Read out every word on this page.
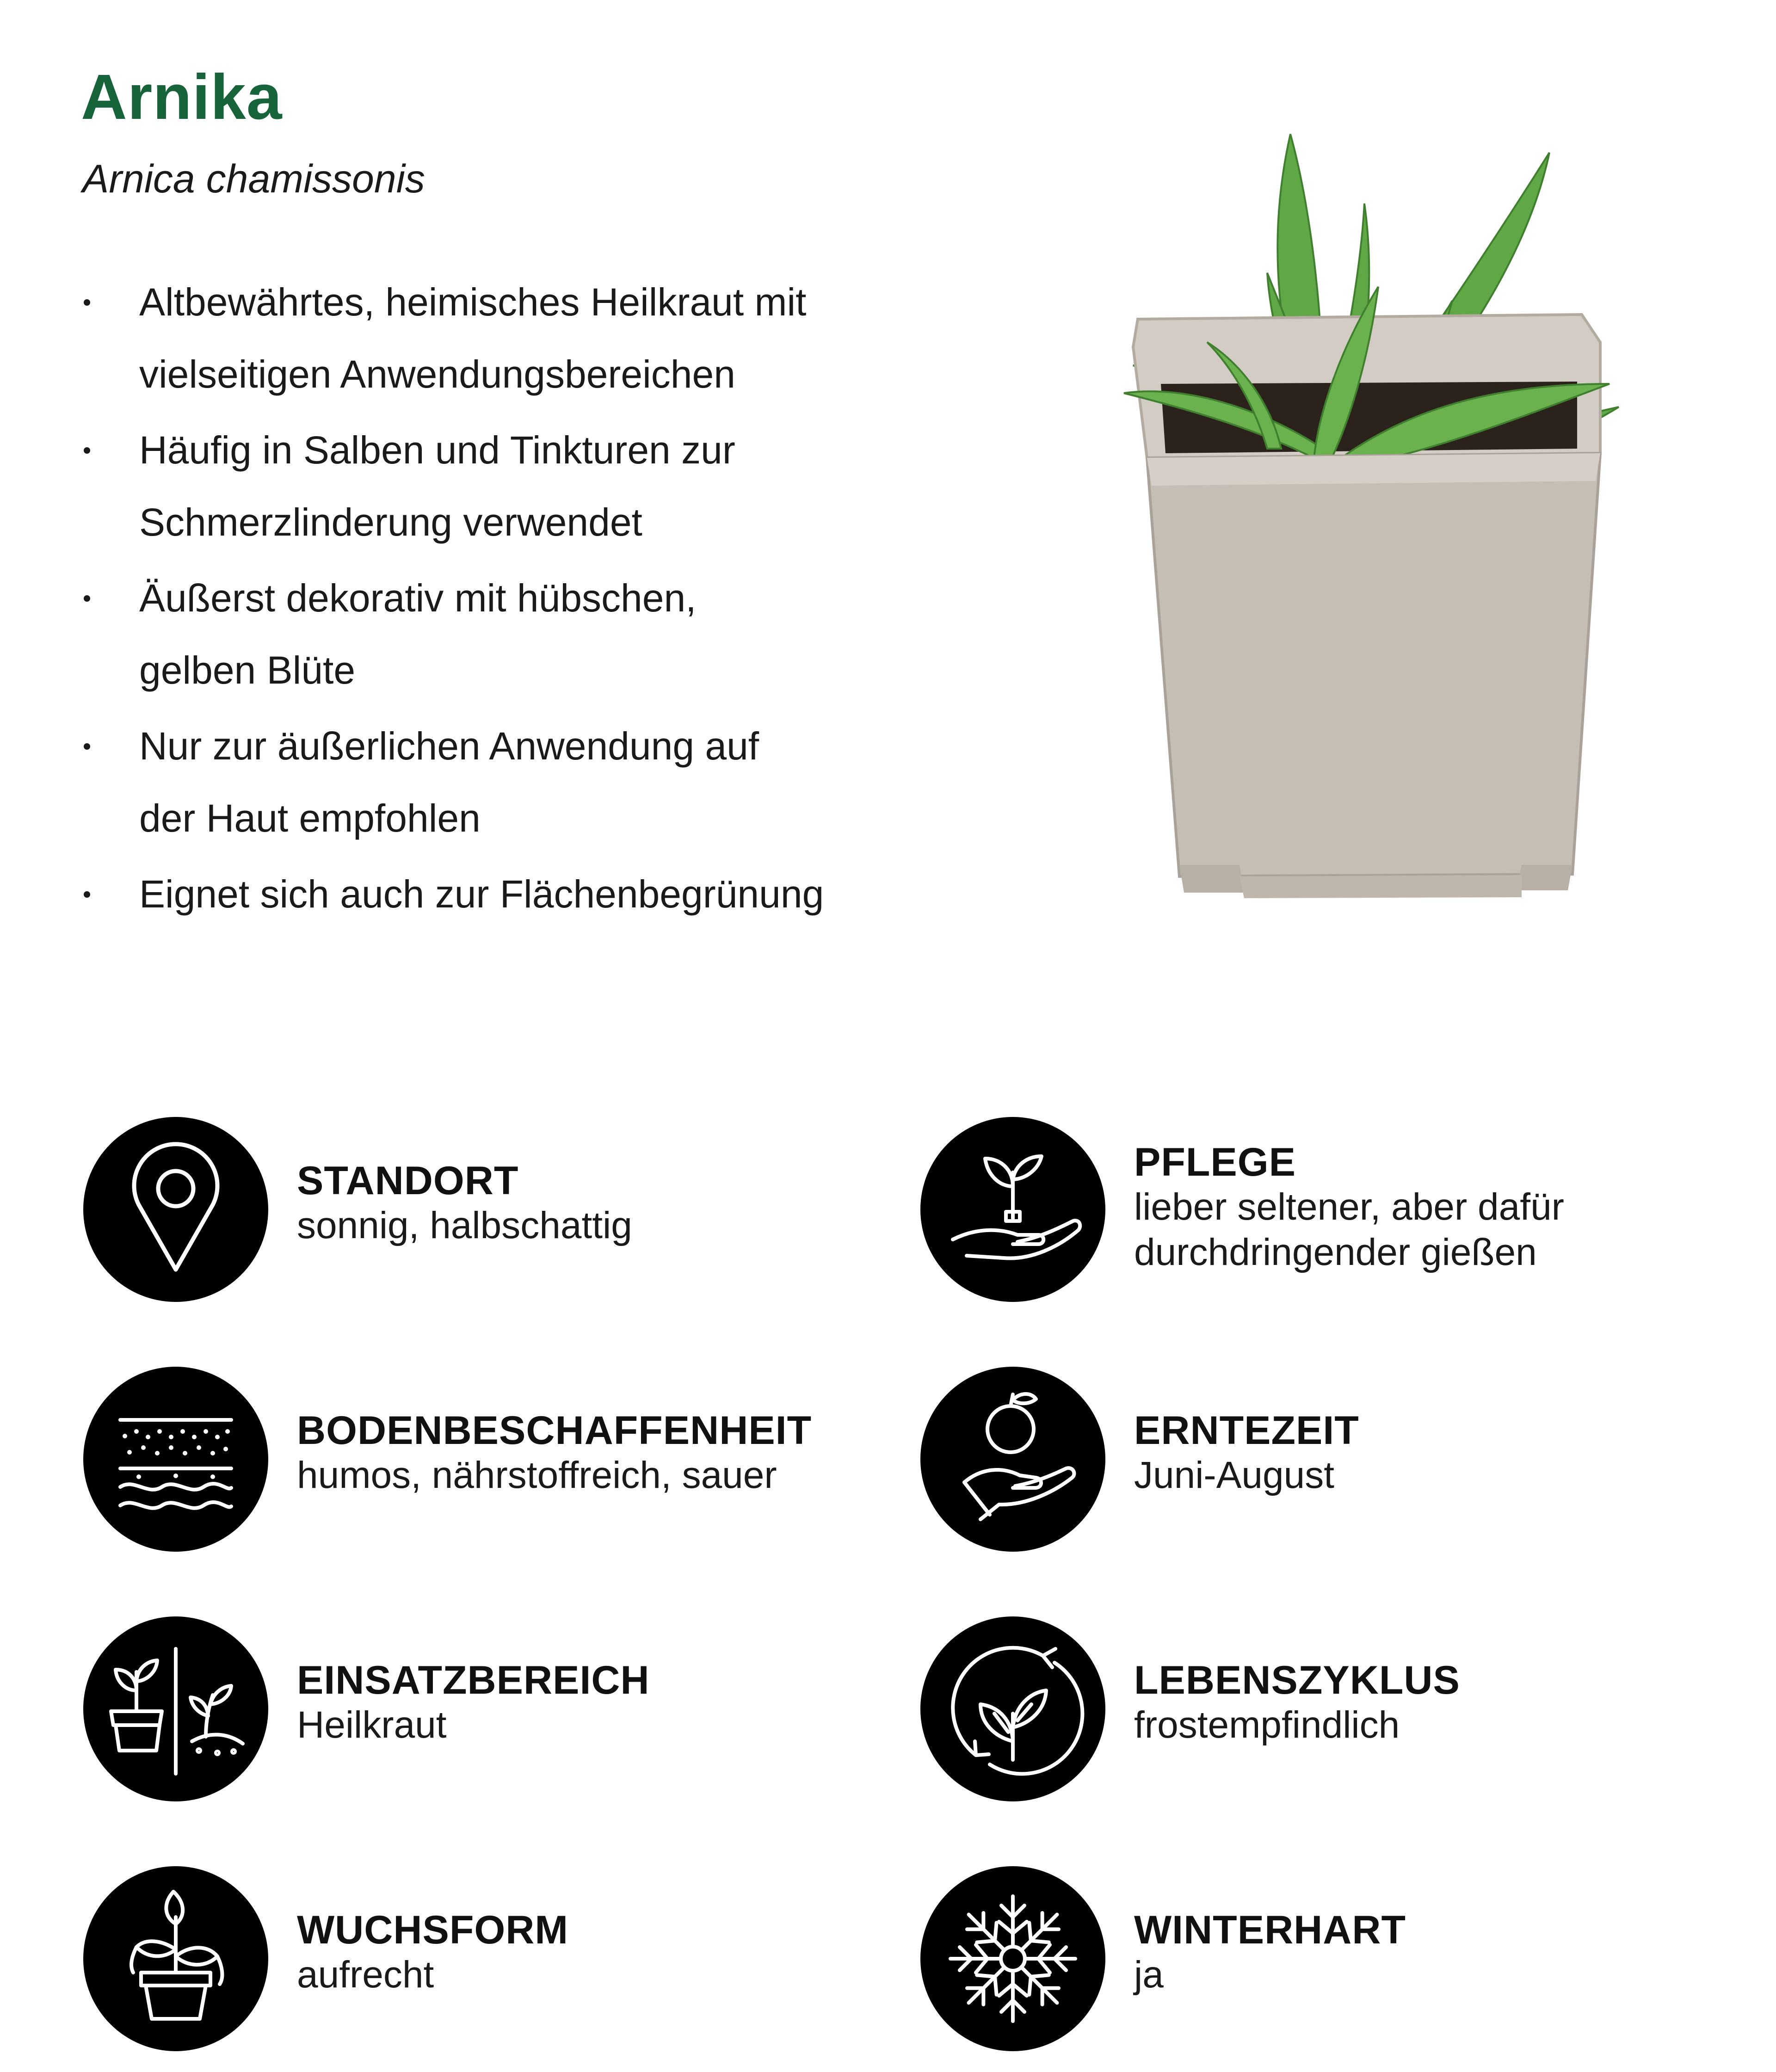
Arnika
Arnica chamissonis
Altbewährtes, heimisches Heilkraut mit vielseitigen Anwendungsbereichen
Häufig in Salben und Tinkturen zur Schmerzlinderung verwendet
Äußerst dekorativ mit hübschen, gelben Blüte
Nur zur äußerlichen Anwendung auf der Haut empfohlen
Eignet sich auch zur Flächenbegrünung
STANDORT
sonnig, halbschattig
PFLEGE
lieber seltener, aber dafür durchdringender gießen
BODENBESCHAFFENHEIT
humos, nährstoffreich, sauer
ERNTEZEIT
Juni-August
EINSATZBEREICH
Heilkraut
LEBENSZYKLUS
frostempfindlich
WUCHSFORM
aufrecht
WINTERHART
ja
